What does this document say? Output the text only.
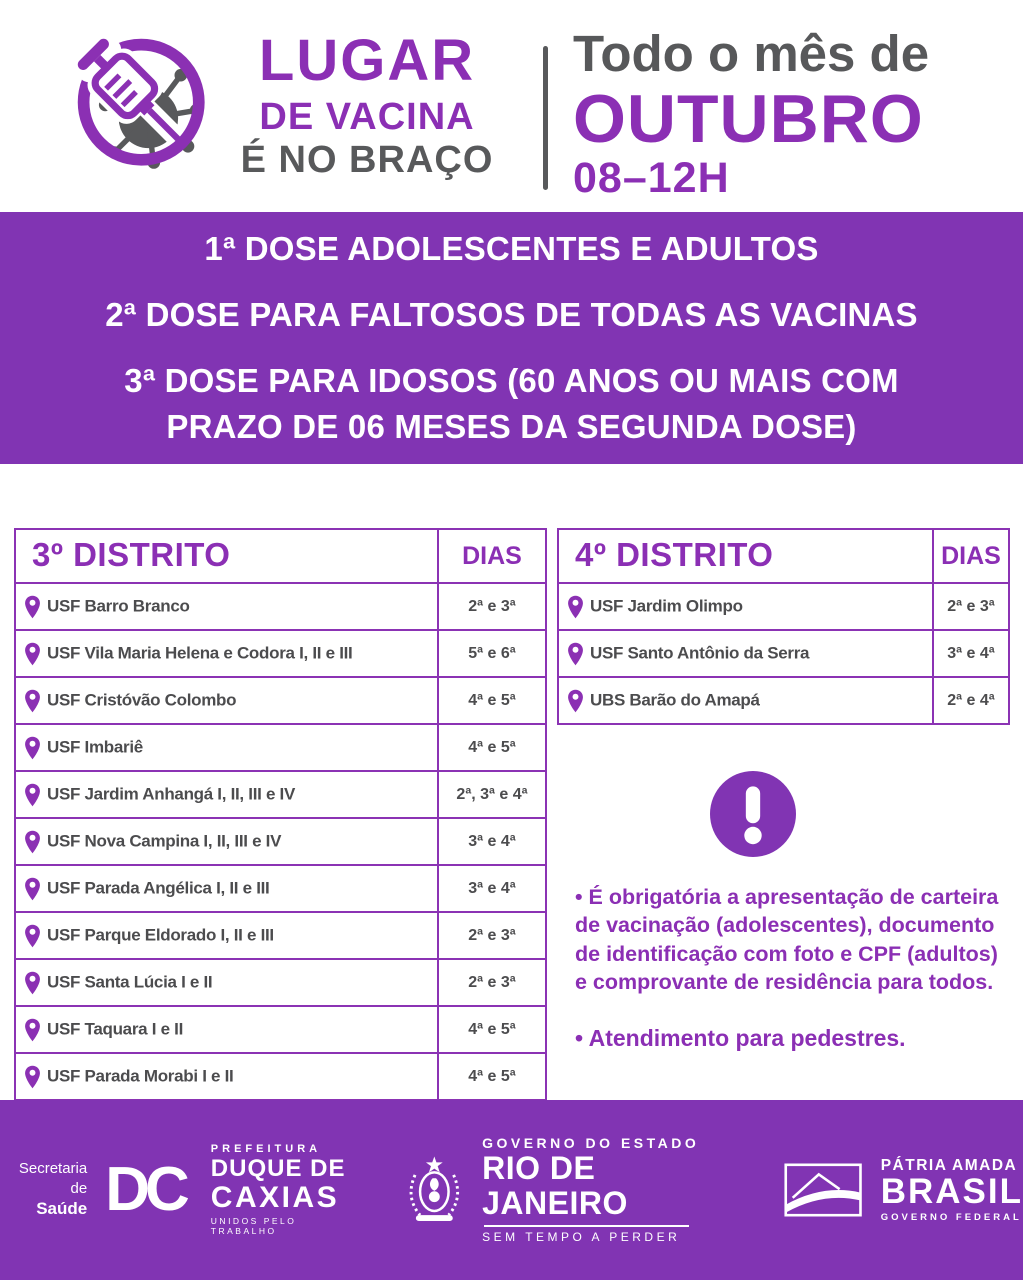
LUGAR
DE VACINA
É NO BRAÇO
Todo o mês de
OUTUBRO
08–12H
1ª DOSE ADOLESCENTES E ADULTOS
2ª DOSE PARA FALTOSOS DE TODAS AS VACINAS
3ª DOSE PARA IDOSOS (60 ANOS OU MAIS COM PRAZO DE 06 MESES DA SEGUNDA DOSE)
3º DISTRITO	DIAS
USF Barro Branco	2ª e 3ª
USF Vila Maria Helena e Codora I, II e III	5ª e 6ª
USF Cristóvão Colombo	4ª e 5ª
USF Imbariê	4ª e 5ª
USF Jardim Anhangá I, II, III e IV	2ª, 3ª e 4ª
USF Nova Campina I, II, III e IV	3ª e 4ª
USF Parada Angélica I, II e III	3ª e 4ª
USF Parque Eldorado I, II e III	2ª e 3ª
USF Santa Lúcia I e II	2ª e 3ª
USF Taquara I e II	4ª e 5ª
USF Parada Morabi I e II	4ª e 5ª
4º DISTRITO	DIAS
USF Jardim Olimpo	2ª e 3ª
USF Santo Antônio da Serra	3ª e 4ª
UBS Barão do Amapá	2ª e 4ª
• É obrigatória a apresentação de carteira de vacinação (adolescentes), documento de identificação com foto e CPF (adultos) e comprovante de residência para todos.
• Atendimento para pedestres.
Secretaria de
Saúde DC
PREFEITURA
DUQUE DE
CAXIAS
UNIDOS PELO TRABALHO
GOVERNO DO ESTADO
RIO DE JANEIRO
SEM TEMPO A PERDER
PÁTRIA AMADA
BRASIL
GOVERNO FEDERAL
